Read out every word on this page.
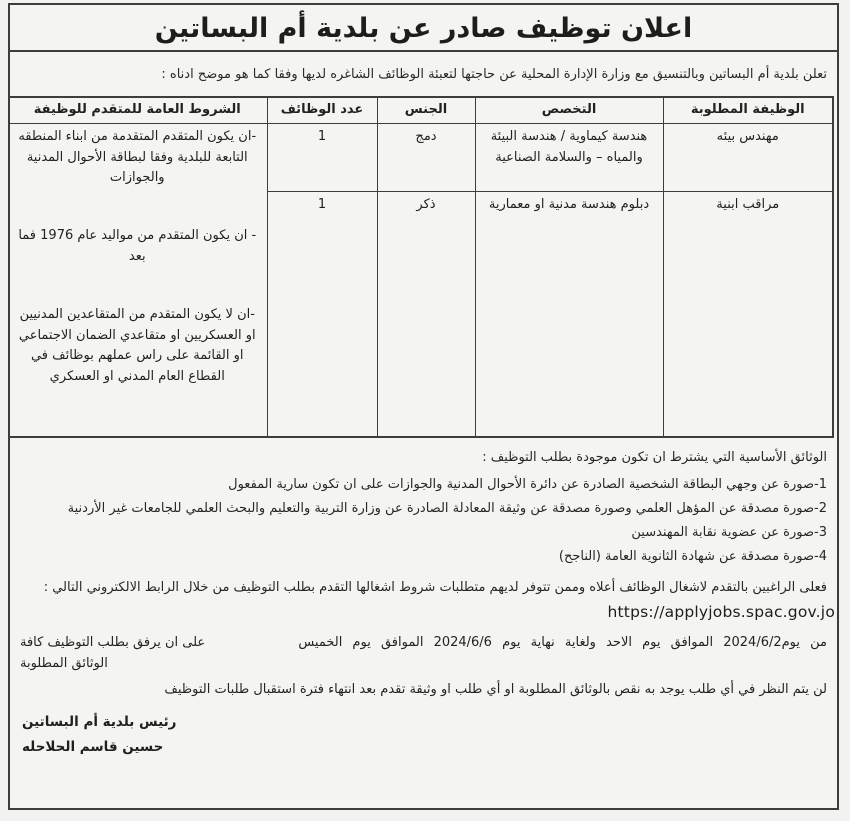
اعلان توظيف صادر عن بلدية أم البساتين
تعلن بلدية أم البساتين وبالتنسيق مع وزارة الإدارة المحلية عن حاجتها لتعبئة الوظائف الشاغره لديها وفقا كما هو موضح ادناه :
الوظيفة المطلوبة	التخصص	الجنس	عدد الوظائف	الشروط العامة للمتقدم للوظيفة
مهندس بيئه	هندسة كيماوية / هندسة البيئة والمياه – والسلامة الصناعية	دمج	1	-ان يكون المتقدم المتقدمة من ابناء المنطقه التابعة للبلدية وفقا لبطاقة الأحوال المدنية والجوازات

- ان يكون المتقدم من مواليد عام 1976 فما بعد

-ان لا يكون المتقدم من المتقاعدين المدنيين او العسكريين او متقاعدي الضمان الاجتماعي او القائمة على راس عملهم بوظائف في القطاع العام المدني او العسكري

مراقب ابنية	دبلوم هندسة مدنية او معمارية	ذكر	1	
الوثائق الأساسية التي يشترط ان تكون موجودة بطلب التوظيف :
1-صورة عن وجهي البطاقة الشخصية الصادرة عن دائرة الأحوال المدنية والجوازات على ان تكون سارية المفعول
2-صورة مصدقة عن المؤهل العلمي وصورة مصدقة عن وثيقة المعادلة الصادرة عن وزارة التربية والتعليم والبحث العلمي للجامعات غير الأردنية
3-صورة عن عضوية نقابة المهندسين
4-صورة مصدقة عن شهادة الثانوية العامة (الناجح)
فعلى الراغبين بالتقدم لاشغال الوظائف أعلاه وممن تتوفر لديهم متطلبات شروط اشغالها التقدم بطلب التوظيف من خلال الرابط الالكتروني التالي :
https://applyjobs.spac.gov.jo
من يوم2024/6/2 الموافق يوم الاحد ولغاية نهاية يوم 2024/6/6 الموافق يوم الخميس
على ان يرفق بطلب التوظيف كافة
الوثائق المطلوبة
لن يتم النظر في أي طلب يوجد به نقص بالوثائق المطلوبة او أي طلب او وثيقة تقدم بعد انتهاء فترة استقبال طلبات التوظيف
رئيس بلدية أم البساتين
حسين قاسم الحلاحله
